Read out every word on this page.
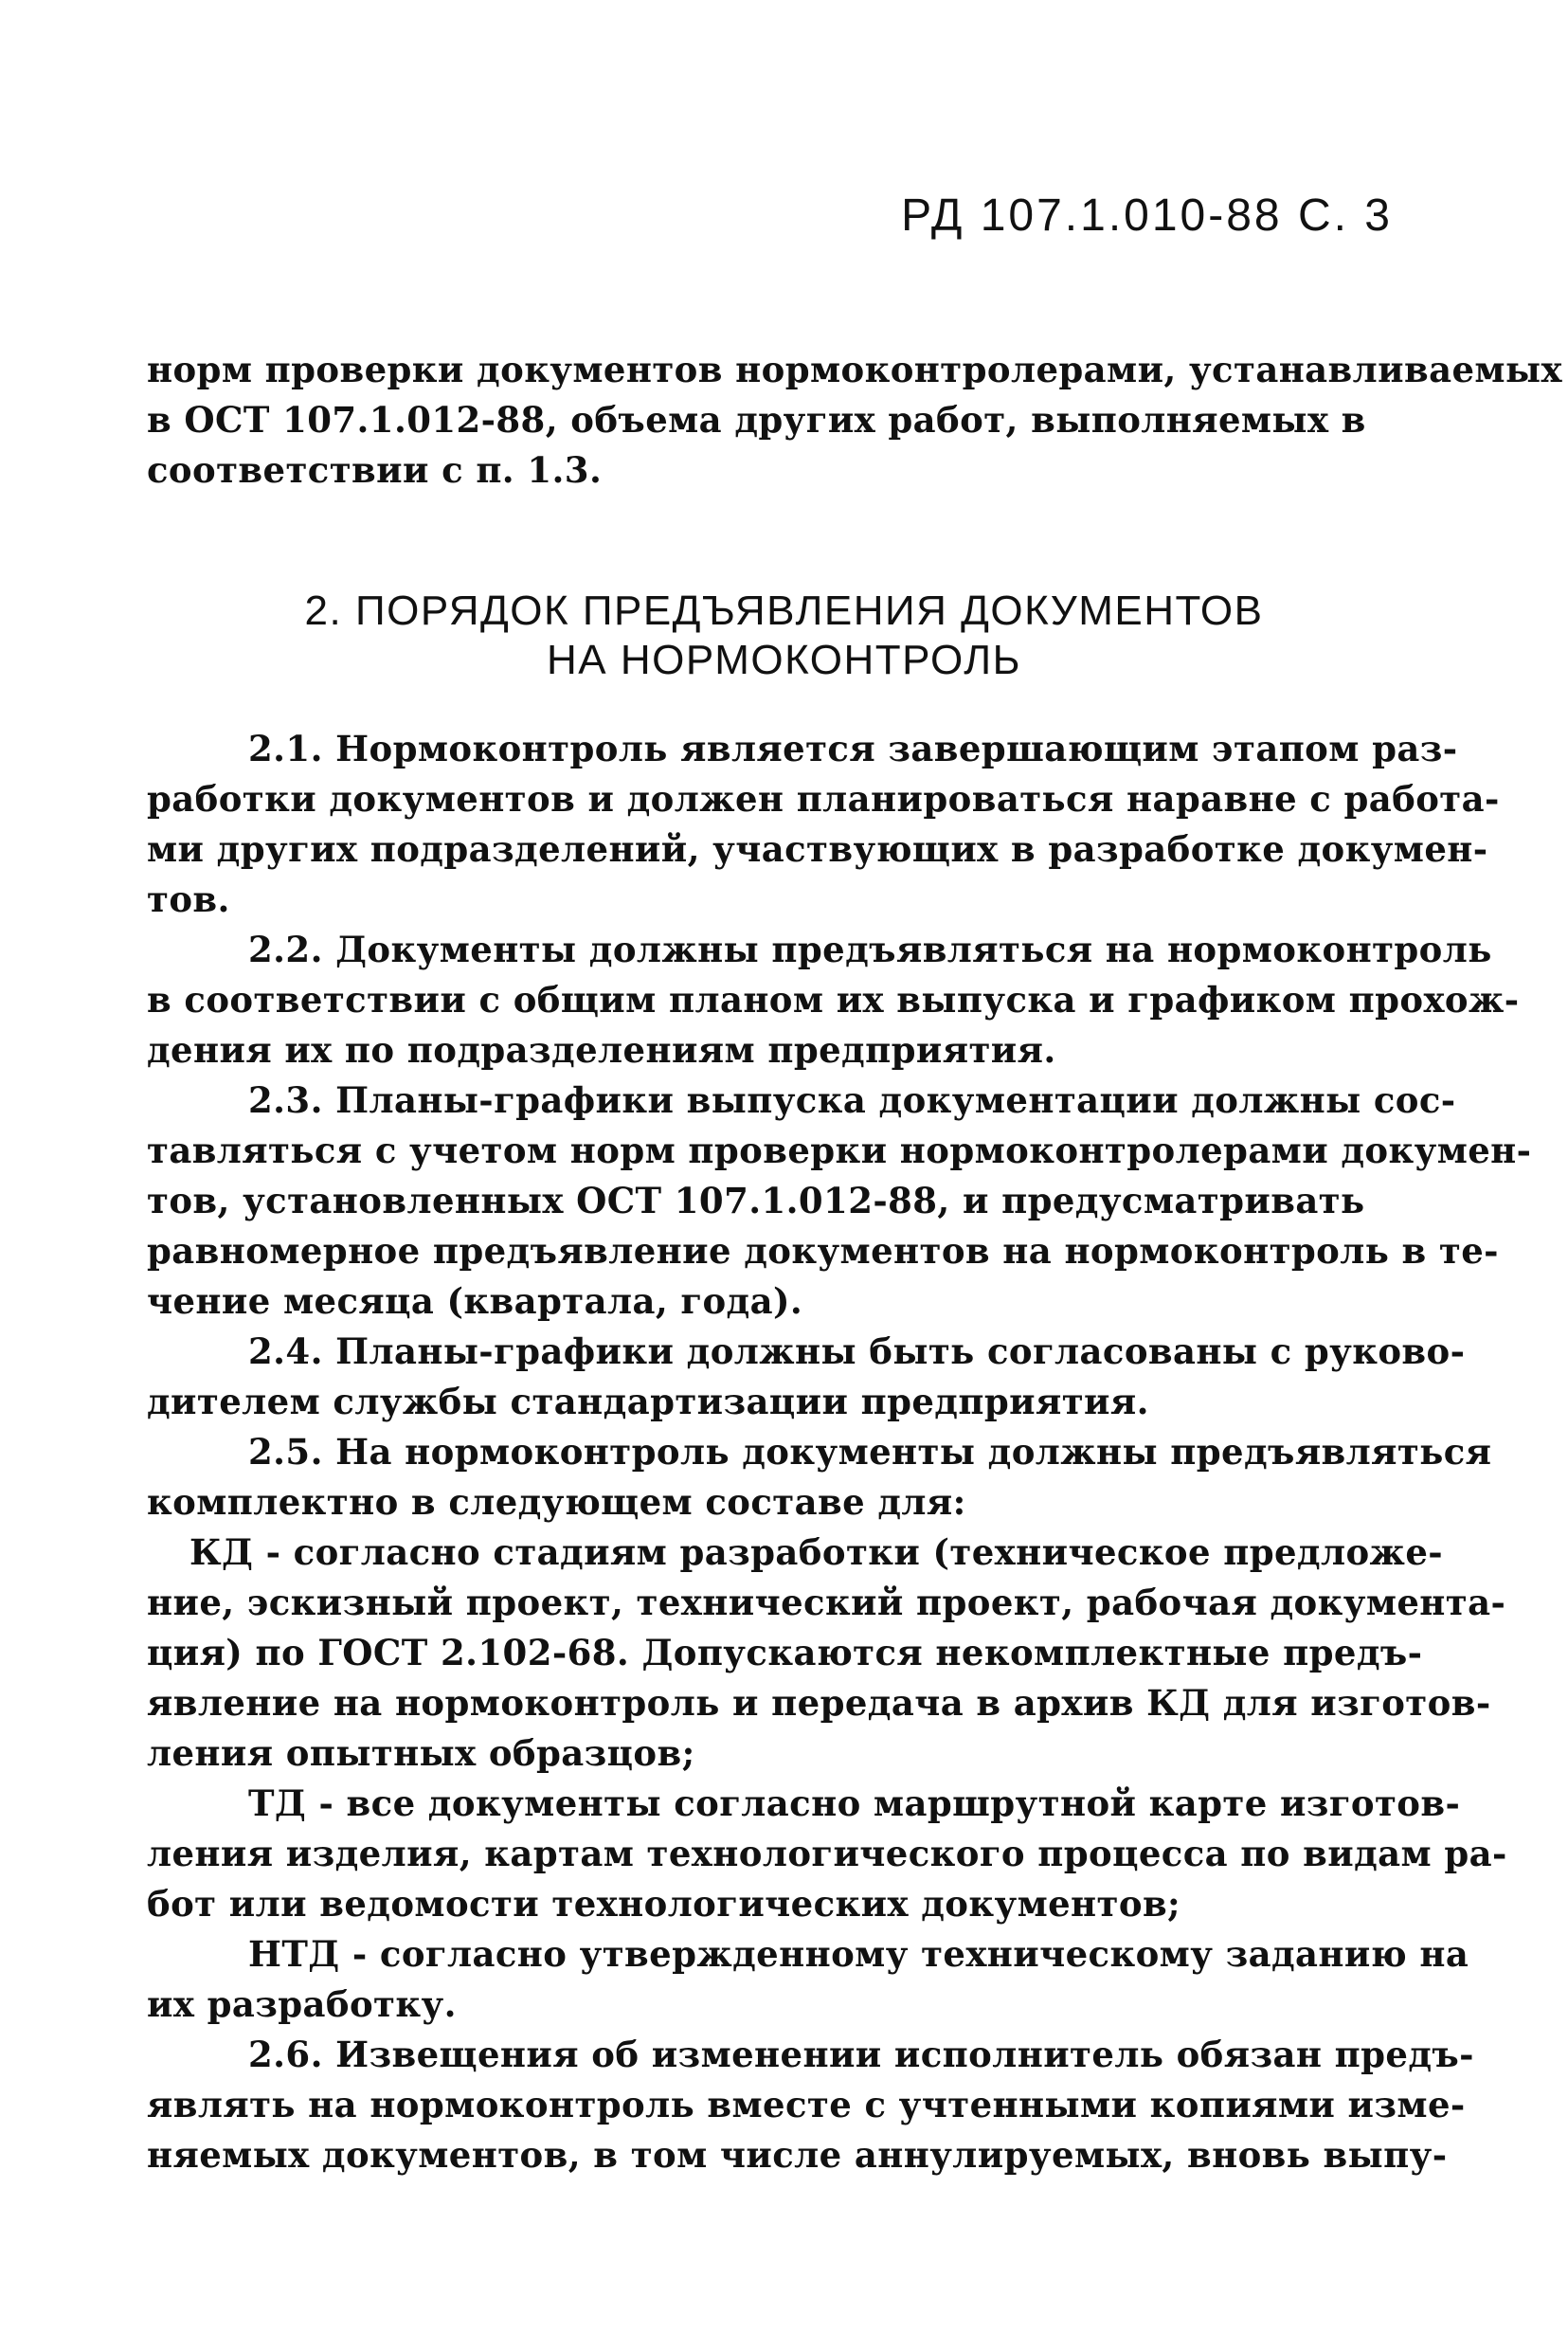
РД 107.1.010-88 С. 3
норм проверки документов нормоконтролерами, устанавливаемых
в ОСТ 107.1.012-88, объема других работ, выполняемых в
соответствии с п. 1.3.
2. ПОРЯДОК ПРЕДЪЯВЛЕНИЯ ДОКУМЕНТОВ
НА НОРМОКОНТРОЛЬ
2.1. Нормоконтроль является завершающим этапом раз-
работки документов и должен планироваться наравне с работа-
ми других подразделений, участвующих в разработке докумен-
тов.
2.2. Документы должны предъявляться на нормоконтроль
в соответствии с общим планом их выпуска и графиком прохож-
дения их по подразделениям предприятия.
2.3. Планы-графики выпуска документации должны сос-
тавляться с учетом норм проверки нормоконтролерами докумен-
тов, установленных ОСТ 107.1.012-88, и предусматривать
равномерное предъявление документов на нормоконтроль в те-
чение месяца (квартала, года).
2.4. Планы-графики должны быть согласованы с руково-
дителем службы стандартизации предприятия.
2.5. На нормоконтроль документы должны предъявляться
комплектно в следующем составе для:
КД - согласно стадиям разработки (техническое предложе-
ние, эскизный проект, технический проект, рабочая документа-
ция) по ГОСТ 2.102-68. Допускаются некомплектные предъ-
явление на нормоконтроль и передача в архив КД для изготов-
ления опытных образцов;
ТД - все документы согласно маршрутной карте изготов-
ления изделия, картам технологического процесса по видам ра-
бот или ведомости технологических документов;
НТД - согласно утвержденному техническому заданию на
их разработку.
2.6. Извещения об изменении исполнитель обязан предъ-
являть на нормоконтроль вместе с учтенными копиями изме-
няемых документов, в том числе аннулируемых, вновь выпу-
